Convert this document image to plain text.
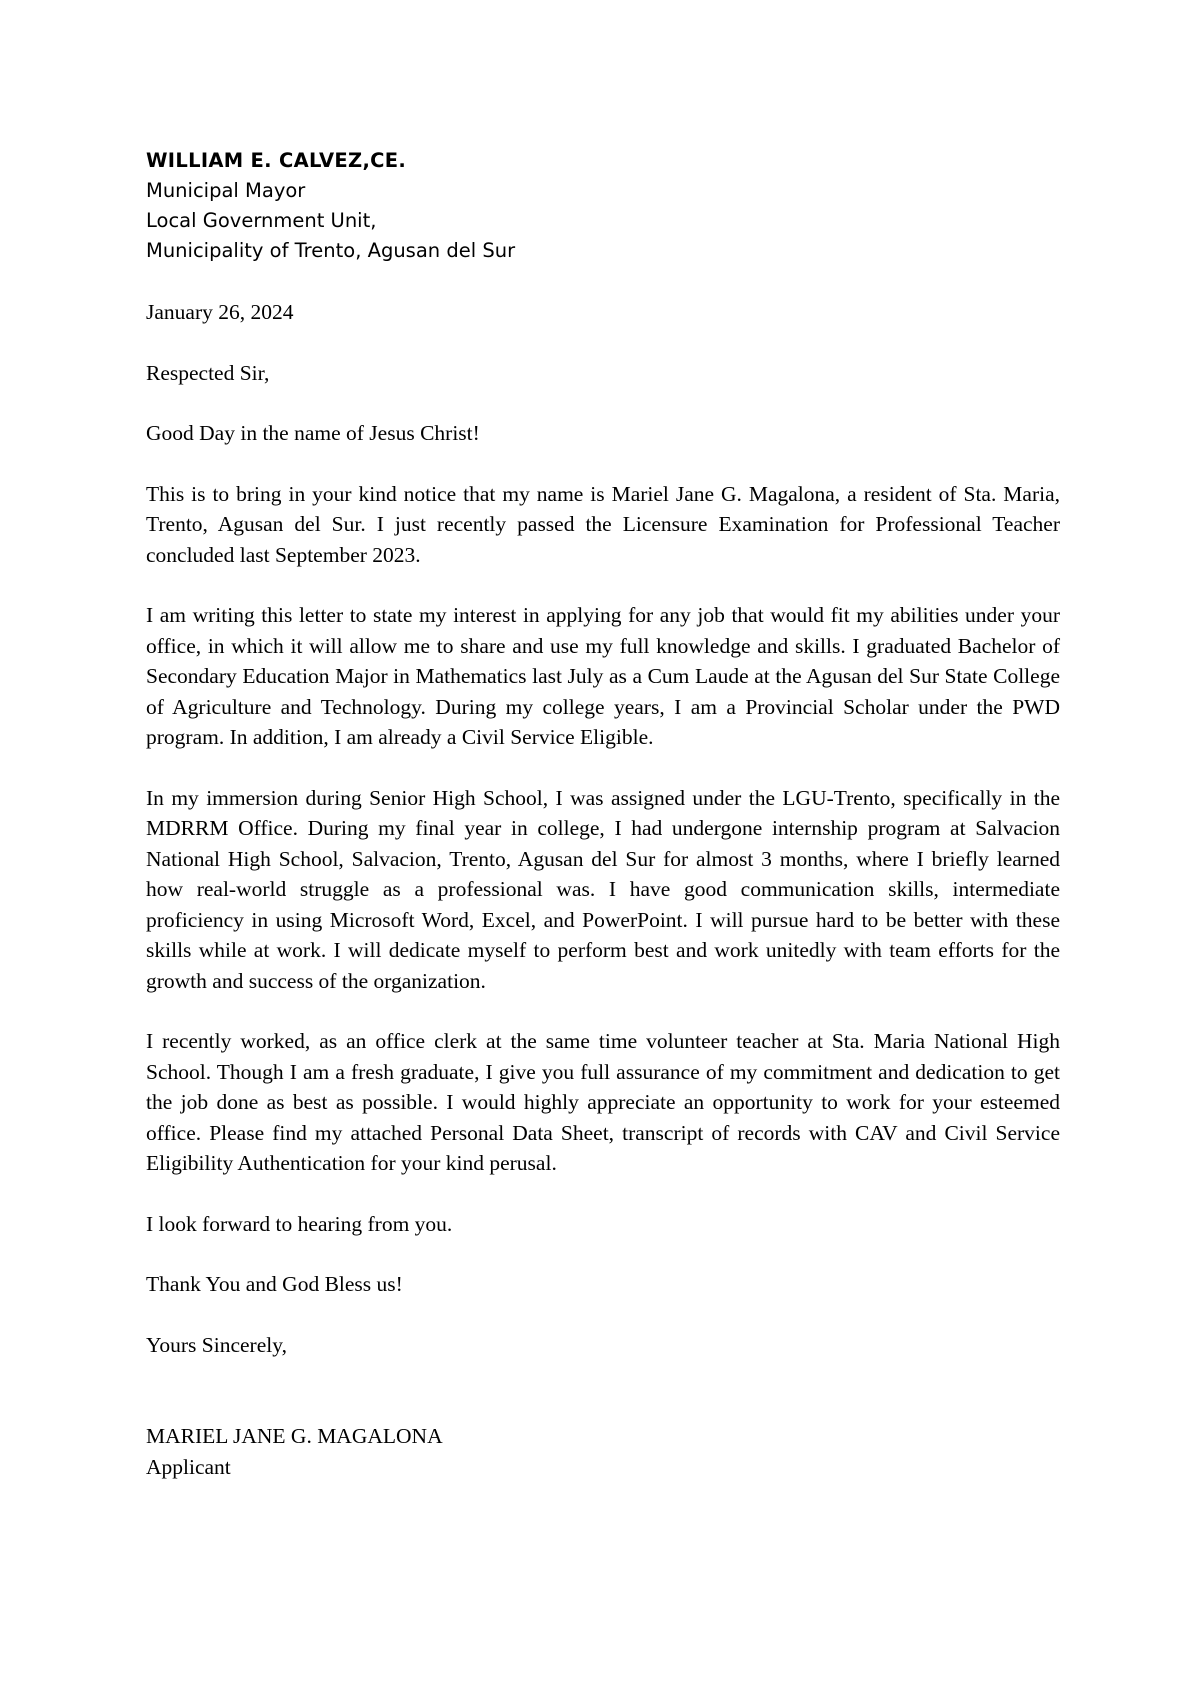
WILLIAM E. CALVEZ,CE.
Municipal Mayor
Local Government Unit,
Municipality of Trento, Agusan del Sur

January 26, 2024

Respected Sir,

Good Day in the name of Jesus Christ!

This is to bring in your kind notice that my name is Mariel Jane G. Magalona, a resident of Sta. Maria, Trento, Agusan del Sur. I just recently passed the Licensure Examination for Professional Teacher concluded last September 2023.

I am writing this letter to state my interest in applying for any job that would fit my abilities under your office, in which it will allow me to share and use my full knowledge and skills. I graduated Bachelor of Secondary Education Major in Mathematics last July as a Cum Laude at the Agusan del Sur State College of Agriculture and Technology. During my college years, I am a Provincial Scholar under the PWD program. In addition, I am already a Civil Service Eligible.

In my immersion during Senior High School, I was assigned under the LGU-Trento, specifically in the MDRRM Office. During my final year in college, I had undergone internship program at Salvacion National High School, Salvacion, Trento, Agusan del Sur for almost 3 months, where I briefly learned how real-world struggle as a professional was. I have good communication skills, intermediate proficiency in using Microsoft Word, Excel, and PowerPoint. I will pursue hard to be better with these skills while at work. I will dedicate myself to perform best and work unitedly with team efforts for the growth and success of the organization.

I recently worked, as an office clerk at the same time volunteer teacher at Sta. Maria National High School. Though I am a fresh graduate, I give you full assurance of my commitment and dedication to get the job done as best as possible. I would highly appreciate an opportunity to work for your esteemed office. Please find my attached Personal Data Sheet, transcript of records with CAV and Civil Service Eligibility Authentication for your kind perusal.

I look forward to hearing from you.

Thank You and God Bless us!

Yours Sincerely,

MARIEL JANE G. MAGALONA
Applicant
